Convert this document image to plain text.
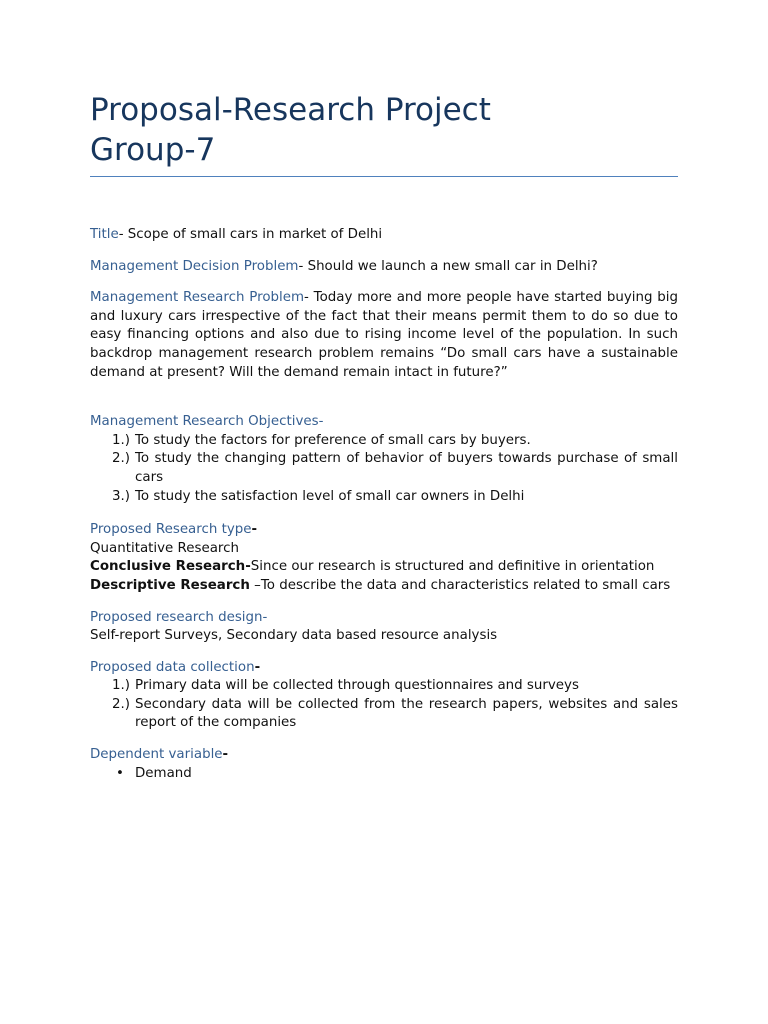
Proposal-Research Project
Group-7

Title- Scope of small cars in market of Delhi

Management Decision Problem- Should we launch a new small car in Delhi?

Management Research Problem- Today more and more people have started buying big and luxury cars irrespective of the fact that their means permit them to do so due to easy financing options and also due to rising income level of the population. In such backdrop management research problem remains “Do small cars have a sustainable demand at present? Will the demand remain intact in future?”

Management Research Objectives-

1.) To study the factors for preference of small cars by buyers.
2.) To study the changing pattern of behavior of buyers towards purchase of small cars
3.) To study the satisfaction level of small car owners in Delhi

Proposed Research type-

Quantitative Research

Conclusive Research-Since our research is structured and definitive in orientation

Descriptive Research –To describe the data and characteristics related to small cars

Proposed research design-

Self-report Surveys, Secondary data based resource analysis

Proposed data collection-

1.) Primary data will be collected through questionnaires and surveys
2.) Secondary data will be collected from the research papers, websites and sales report of the companies

Dependent variable-

• Demand
